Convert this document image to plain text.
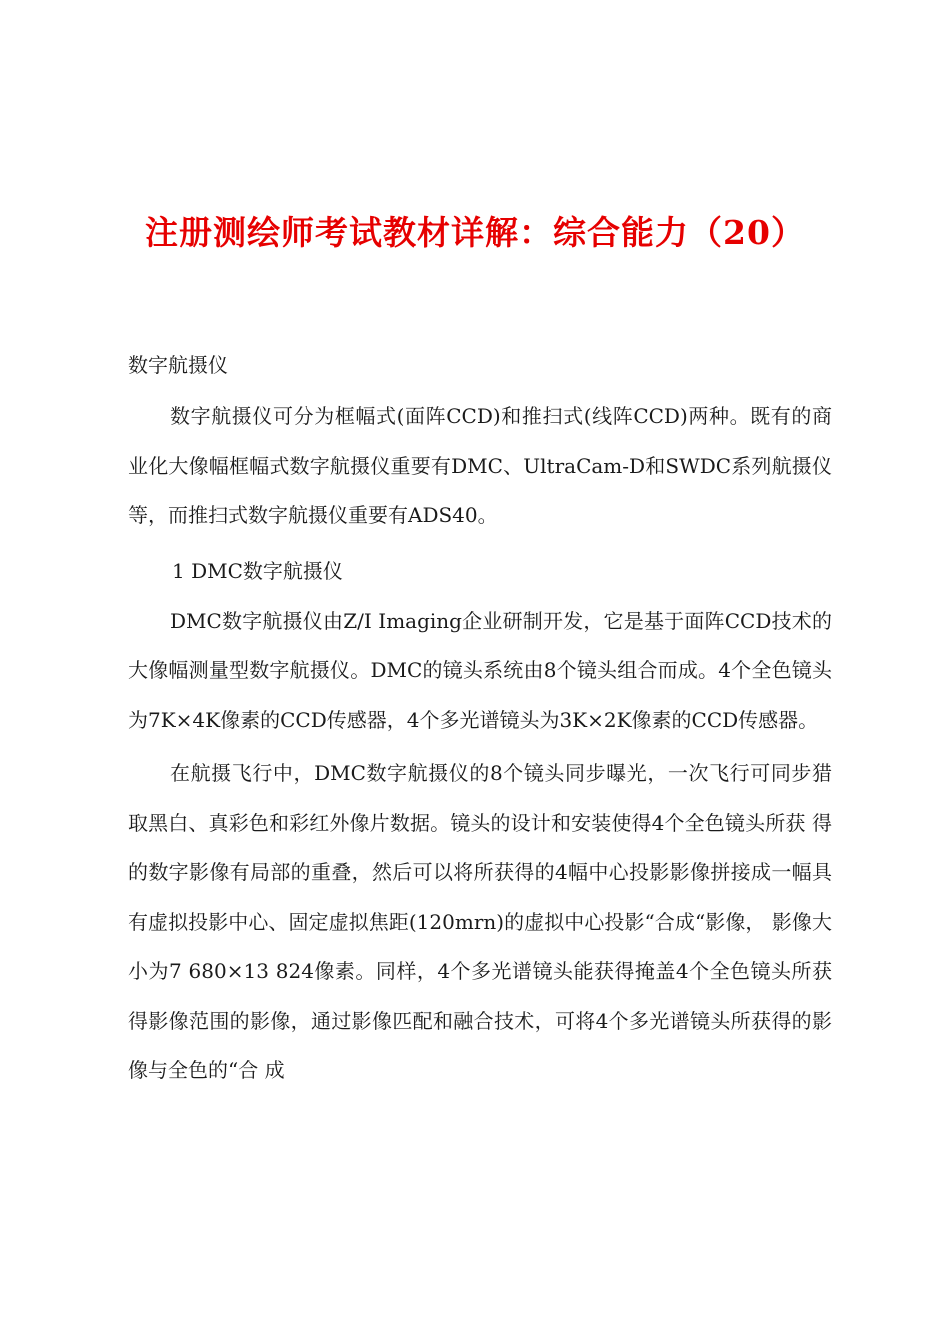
注册测绘师考试教材详解：综合能力（20）

数字航摄仪

数字航摄仪可分为框幅式(面阵CCD)和推扫式(线阵CCD)两种。既有的商业化大像幅框幅式数字航摄仪重要有DMC、UltraCam-D和SWDC系列航摄仪等，而推扫式数字航摄仪重要有ADS40。

1 DMC数字航摄仪

DMC数字航摄仪由Z/I Imaging企业研制开发，它是基于面阵CCD技术的大像幅测量型数字航摄仪。DMC的镜头系统由8个镜头组合而成。4个全色镜头为7K×4K像素的CCD传感器，4个多光谱镜头为3K×2K像素的CCD传感器。

在航摄飞行中，DMC数字航摄仪的8个镜头同步曝光，一次飞行可同步猎取黑白、真彩色和彩红外像片数据。镜头的设计和安装使得4个全色镜头所获 得的数字影像有局部的重叠，然后可以将所获得的4幅中心投影影像拼接成一幅具有虚拟投影中心、固定虚拟焦距(120mrn)的虚拟中心投影“合成“影像， 影像大小为7 680×13 824像素。同样，4个多光谱镜头能获得掩盖4个全色镜头所获得影像范围的影像，通过影像匹配和融合技术，可将4个多光谱镜头所获得的影像与全色的“合 成
